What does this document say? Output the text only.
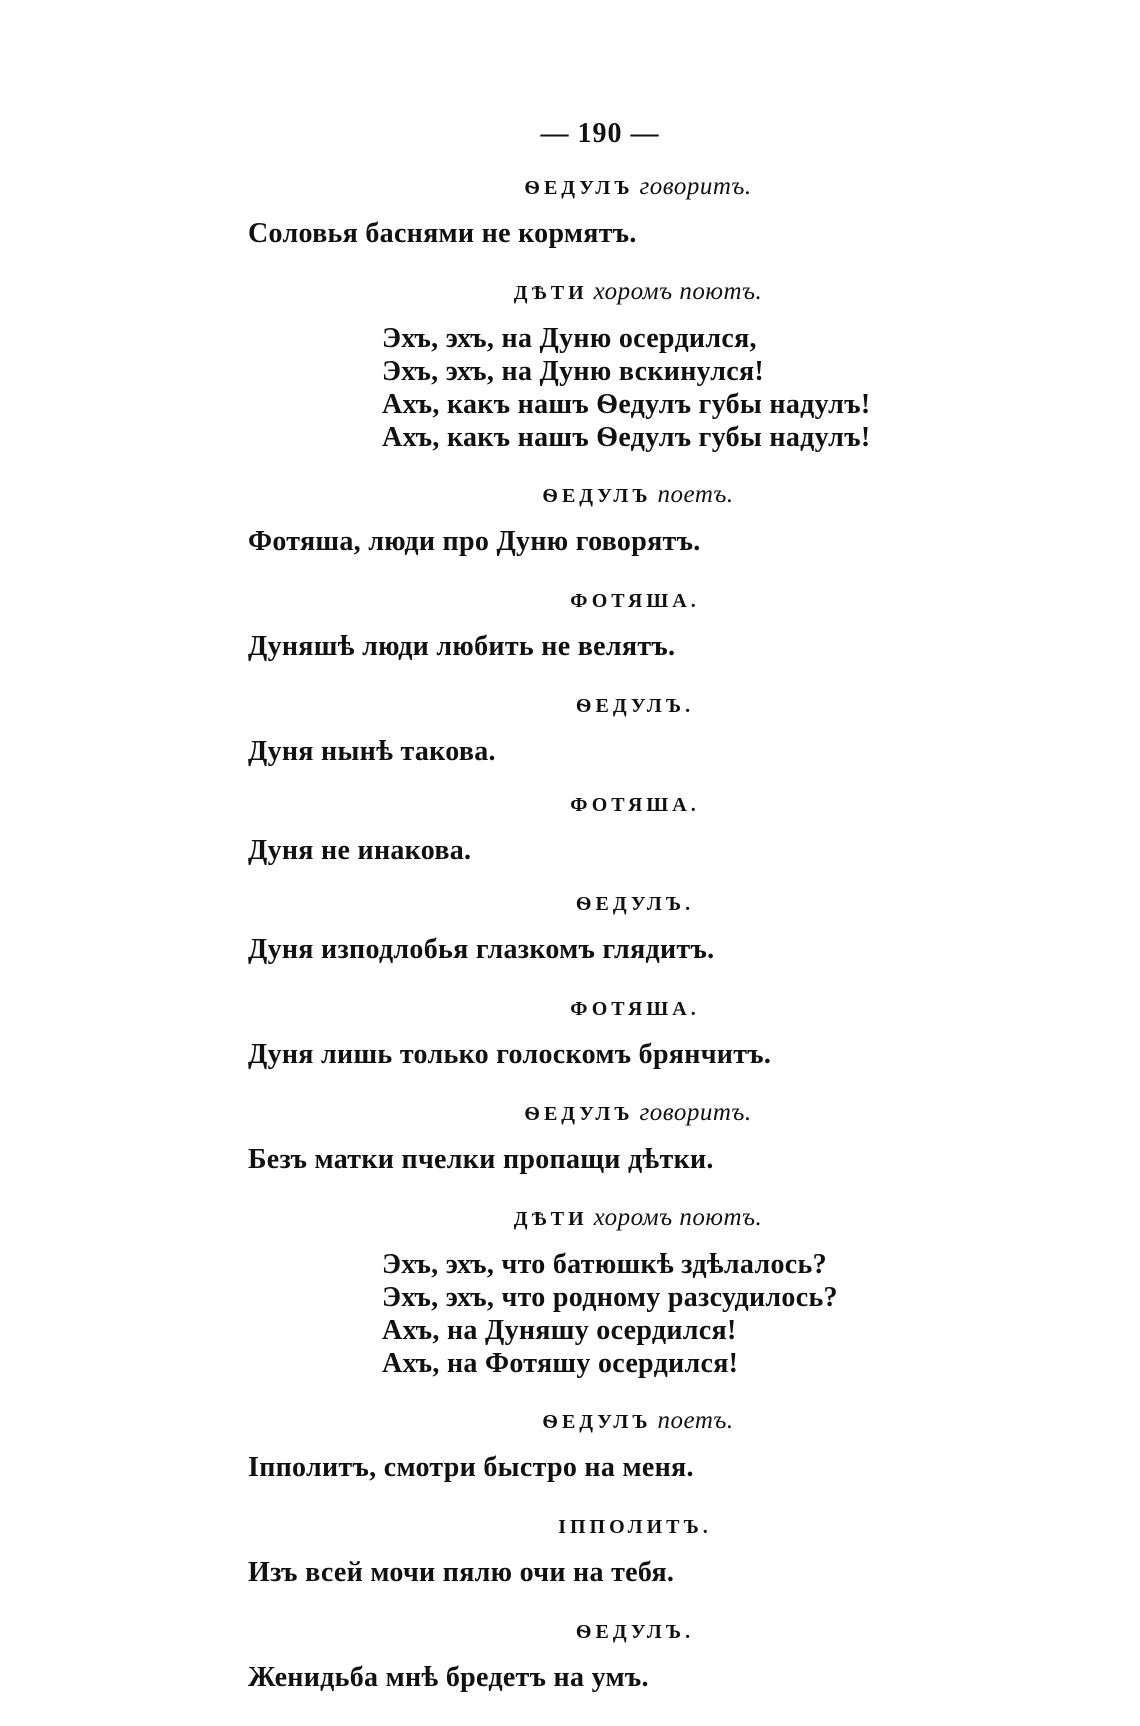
— 190 —

ѲЕДУЛЪ говоритъ.

Соловья баснями не кормятъ.

ДѢТИ хоромъ поютъ.

Эхъ, эхъ, на Дуню осердился,

Эхъ, эхъ, на Дуню вскинулся!

Ахъ, какъ нашъ Ѳедулъ губы надулъ!

Ахъ, какъ нашъ Ѳедулъ губы надулъ!

ѲЕДУЛЪ поетъ.

Фотяша, люди про Дуню говорятъ.

ФОТЯША.

Дуняшѣ люди любить не велятъ.

ѲЕДУЛЪ.

Дуня нынѣ такова.

ФОТЯША.

Дуня не инакова.

ѲЕДУЛЪ.

Дуня изподлобья глазкомъ глядитъ.

ФОТЯША.

Дуня лишь только голоскомъ брянчитъ.

ѲЕДУЛЪ говоритъ.

Безъ матки пчелки пропащи дѣтки.

ДѢТИ хоромъ поютъ.

Эхъ, эхъ, что батюшкѣ здѣлалось?

Эхъ, эхъ, что родному разсудилось?

Ахъ, на Дуняшу осердился!

Ахъ, на Фотяшу осердился!

ѲЕДУЛЪ поетъ.

Іпполитъ, смотри быстро на меня.

ІППОЛИТЪ.

Изъ всей мочи пялю очи на тебя.

ѲЕДУЛЪ.

Женидьба мнѣ бредетъ на умъ.
